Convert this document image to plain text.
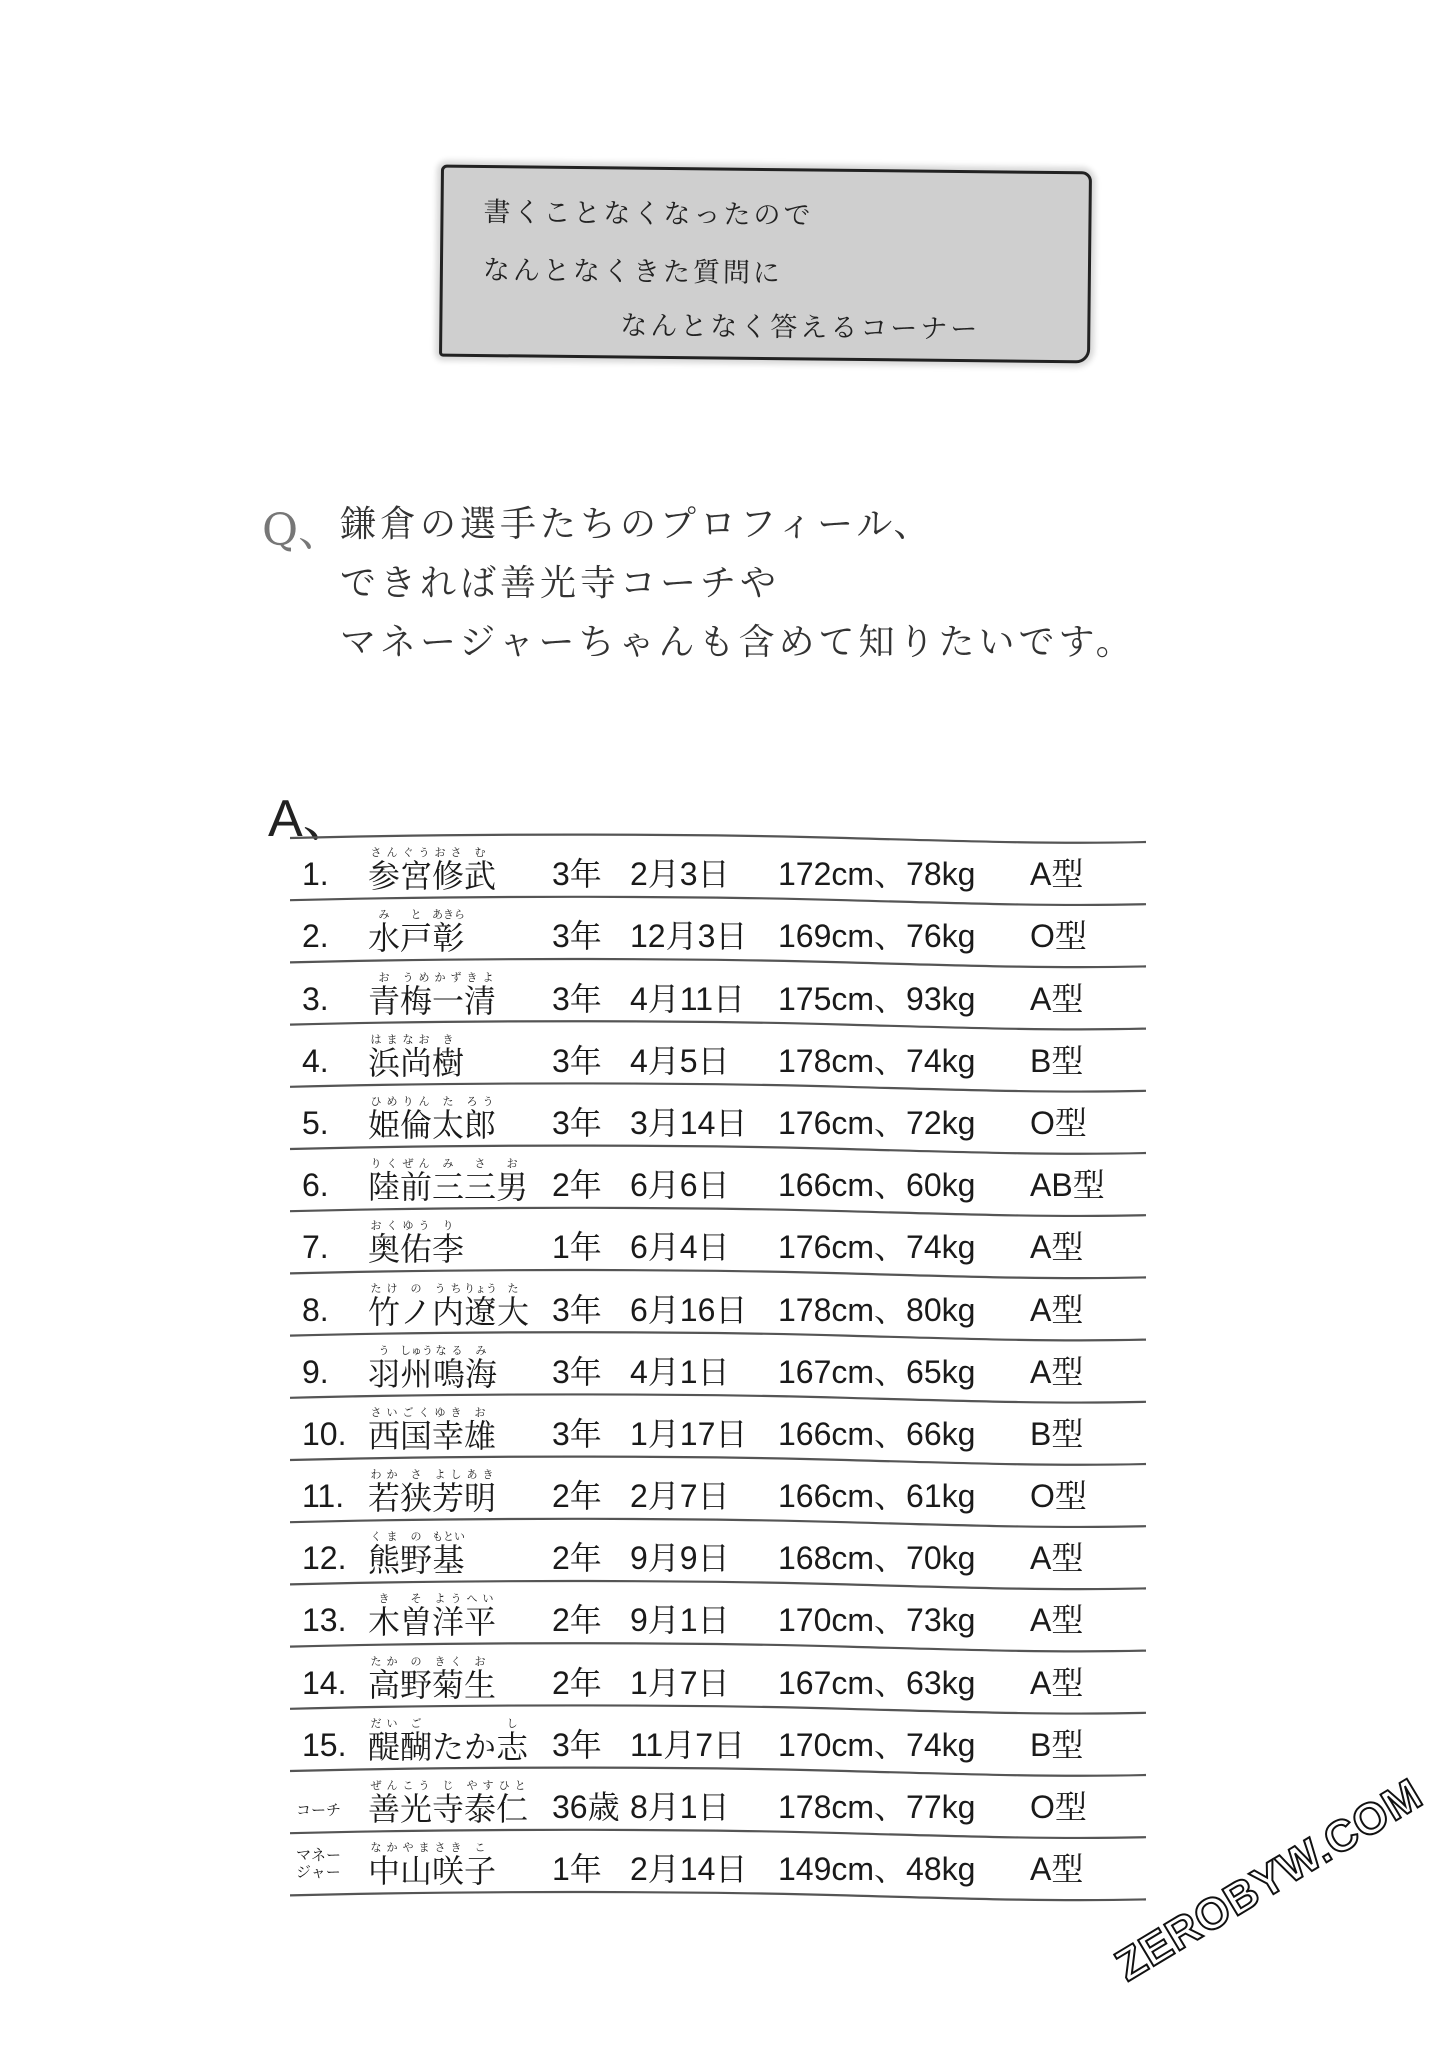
書くことなくなったので
なんとなくきた質問に
なんとなく答えるコーナー
Q、
鎌倉の選手たちのプロフィール、
できれば善光寺コーチや
マネージャーちゃんも含めて知りたいです。
A、
1. 参さん宮ぐう修おさ武む
3年 2月3日 172cm、78kg A型
2. 水み戸と彰あきら
3年 12月3日 169cm、76kg O型
3. 青お梅うめ一かず清きよ
3年 4月11日 175cm、93kg A型
4. 浜はま尚なお樹き
3年 4月5日 178cm、74kg B型
5. 姫ひめ倫りん太た郎ろう
3年 3月14日 176cm、72kg O型
6. 陸りく前ぜん三み三さ男お
2年 6月6日 166cm、60kg AB型
7. 奥おく佑ゆう李り
1年 6月4日 176cm、74kg A型
8. 竹たけノの内うち遼りょう大た
3年 6月16日 178cm、80kg A型
9. 羽う州しゅう鳴なる海み
3年 4月1日 167cm、65kg A型
10. 西さい国ごく幸ゆき雄お
3年 1月17日 166cm、66kg B型
11. 若わか狭さ芳よし明あき
2年 2月7日 166cm、61kg O型
12. 熊くま野の基もとい
2年 9月9日 168cm、70kg A型
13. 木き曽そ洋よう平へい
2年 9月1日 170cm、73kg A型
14. 高たか野の菊きく生お
2年 1月7日 167cm、63kg A型
15. 醍だい醐ごたか志し
3年 11月7日 170cm、74kg B型
コーチ 善ぜん光こう寺じ泰やす仁ひと
36歳 8月1日 178cm、77kg O型
マネージャー 中なか山やま咲さき子こ
1年 2月14日 149cm、48kg A型 ZEROBYW.COM
